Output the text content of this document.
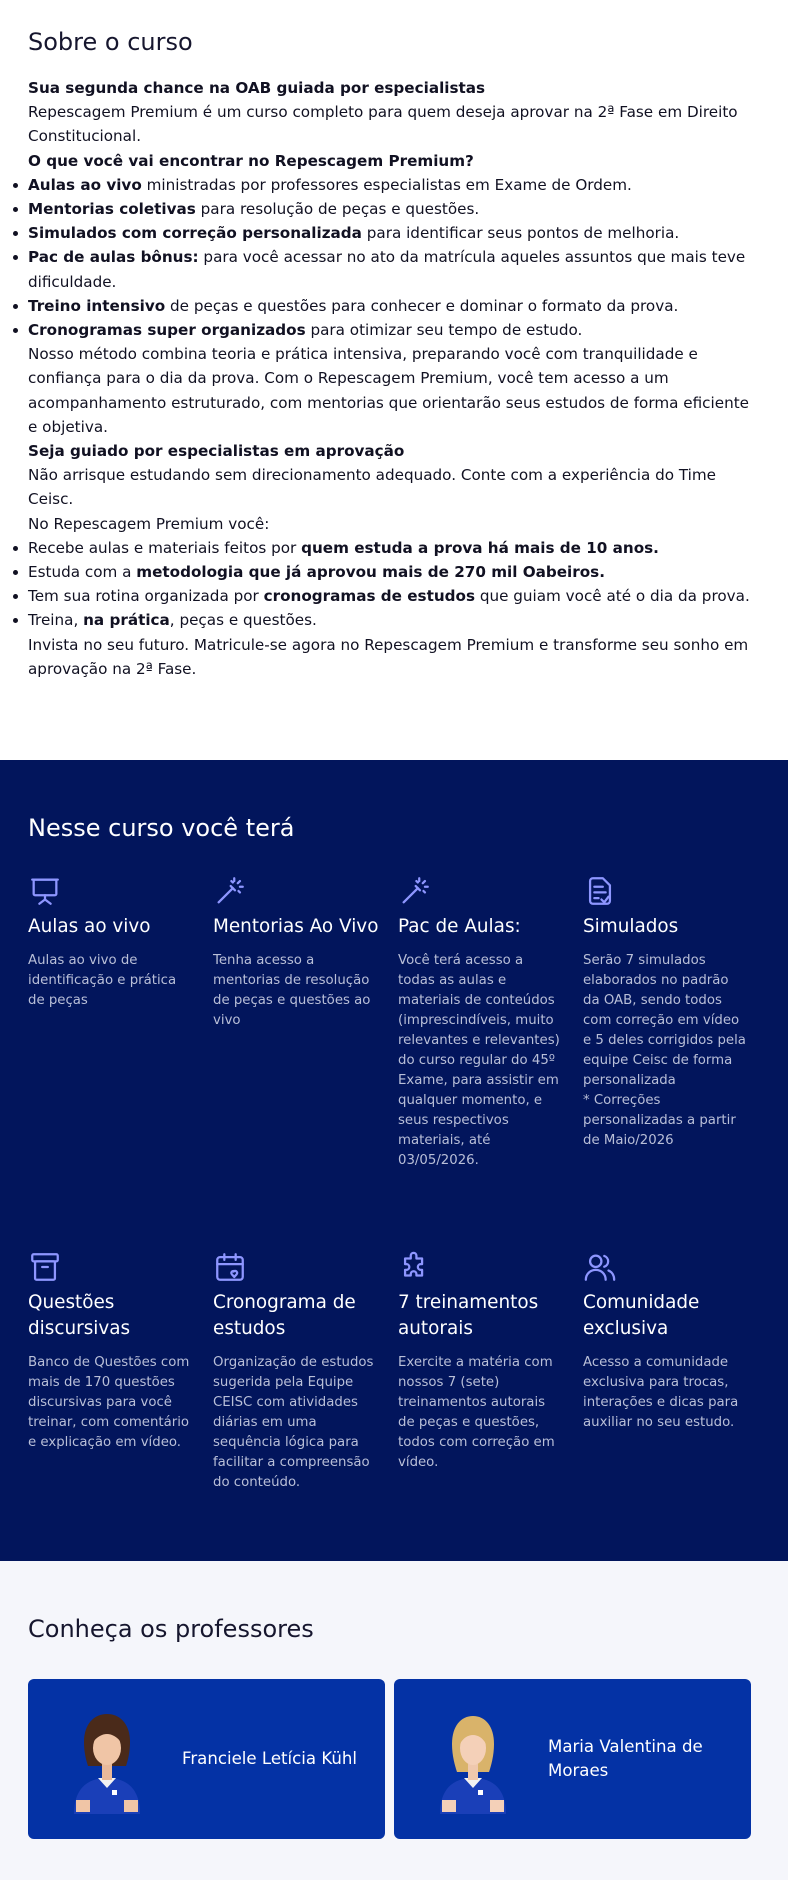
Sobre o curso

Sua segunda chance na OAB guiada por especialistas

Repescagem Premium é um curso completo para quem deseja aprovar na 2ª Fase em Direito Constitucional.

O que você vai encontrar no Repescagem Premium?

Aulas ao vivo ministradas por professores especialistas em Exame de Ordem.
Mentorias coletivas para resolução de peças e questões.
Simulados com correção personalizada para identificar seus pontos de melhoria.
Pac de aulas bônus: para você acessar no ato da matrícula aqueles assuntos que mais teve dificuldade.
Treino intensivo de peças e questões para conhecer e dominar o formato da prova.
Cronogramas super organizados para otimizar seu tempo de estudo.

Nosso método combina teoria e prática intensiva, preparando você com tranquilidade e confiança para o dia da prova. Com o Repescagem Premium, você tem acesso a um acompanhamento estruturado, com mentorias que orientarão seus estudos de forma eficiente e objetiva.

Seja guiado por especialistas em aprovação

Não arrisque estudando sem direcionamento adequado. Conte com a experiência do Time Ceisc.

No Repescagem Premium você:

Recebe aulas e materiais feitos por quem estuda a prova há mais de 10 anos.
Estuda com a metodologia que já aprovou mais de 270 mil Oabeiros.
Tem sua rotina organizada por cronogramas de estudos que guiam você até o dia da prova.
Treina, na prática, peças e questões.

Invista no seu futuro. Matricule-se agora no Repescagem Premium e transforme seu sonho em aprovação na 2ª Fase.

Nesse curso você terá
Aulas ao vivo

Aulas ao vivo de identificação e prática de peças

Mentorias Ao Vivo

Tenha acesso a mentorias de resolução de peças e questões ao vivo

Pac de Aulas:

Você terá acesso a todas as aulas e materiais de conteúdos (imprescindíveis, muito relevantes e relevantes) do curso regular do 45º Exame, para assistir em qualquer momento, e seus respectivos materiais, até 03/05/2026.

Simulados

Serão 7 simulados elaborados no padrão da OAB, sendo todos com correção em vídeo e 5 deles corrigidos pela equipe Ceisc de forma personalizada
* Correções personalizadas a partir de Maio/2026

Questões discursivas

Banco de Questões com mais de 170 questões discursivas para você treinar, com comentário e explicação em vídeo.

Cronograma de estudos

Organização de estudos sugerida pela Equipe CEISC com atividades diárias em uma sequência lógica para facilitar a compreensão do conteúdo.

7 treinamentos autorais

Exercite a matéria com nossos 7 (sete) treinamentos autorais de peças e questões, todos com correção em vídeo.

Comunidade exclusiva

Acesso a comunidade exclusiva para trocas, interações e dicas para auxiliar no seu estudo.

Conheça os professores
Franciele Letícia Kühl
Maria Valentina de Moraes
